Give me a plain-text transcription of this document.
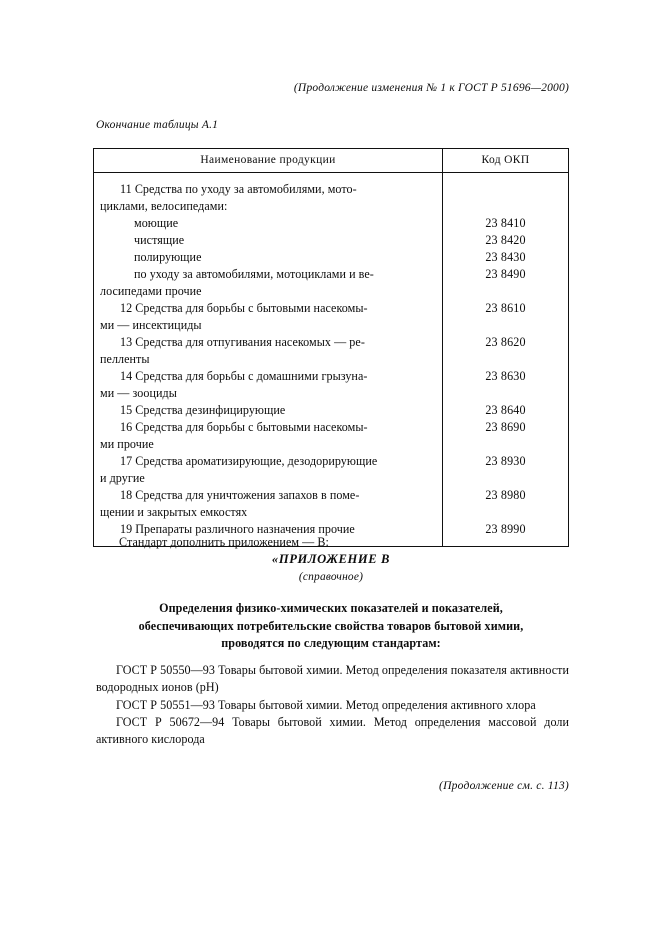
(Продолжение изменения № 1 к ГОСТ Р 51696—2000)
Окончание таблицы А.1
Наименование продукции	Код ОКП

11 Средства по уходу за автомобилями, мото-

циклами, велосипедами:

моющие

чистящие

полирующие

по уходу за автомобилями, мотоциклами и ве-

лосипедами прочие

12 Средства для борьбы с бытовыми насекомы-

ми — инсектициды

13 Средства для отпугивания насекомых — ре-

пелленты

14 Средства для борьбы с домашними грызуна-

ми — зооциды

15 Средства дезинфицирующие

16 Средства для борьбы с бытовыми насекомы-

ми прочие

17 Средства ароматизирующие, дезодорирующие

и другие

18 Средства для уничтожения запахов в поме-

щении и закрытых емкостях

19 Препараты различного назначения прочие

23 8410

23 8420

23 8430

23 8490

23 8610

23 8620

23 8630

23 8640

23 8690

23 8930

23 8980

23 8990

Стандарт дополнить приложением — В:
«ПРИЛОЖЕНИЕ В
(справочное)
Определения физико-химических показателей и показателей,
обеспечивающих потребительские свойства товаров бытовой химии,
проводятся по следующим стандартам:

ГОСТ Р 50550—93 Товары бытовой химии. Метод определения показателя активности водородных ионов (рН)

ГОСТ Р 50551—93 Товары бытовой химии. Метод определения активного хлора

ГОСТ Р 50672—94 Товары бытовой химии. Метод определения массовой доли активного кислорода

(Продолжение см. с. 113)
